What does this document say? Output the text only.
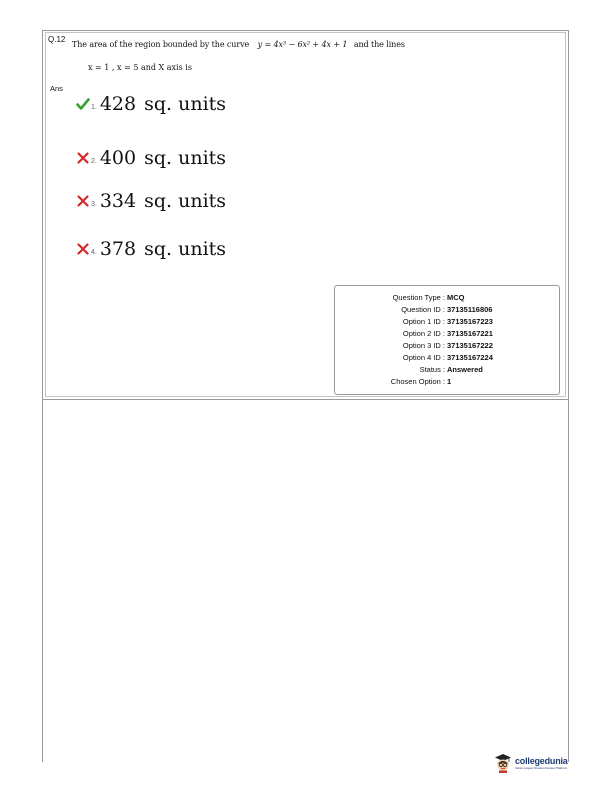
Q.12
The area of the region bounded by the curve y = 4x³ − 6x² + 4x + 1 and the lines
x = 1 , x = 5 and X axis is
Ans
1. 428 sq. units
2. 400 sq. units
3. 334 sq. units
4. 378 sq. units
Question Type : MCQ
Question ID : 37135116806
Option 1 ID : 37135167223
Option 2 ID : 37135167221
Option 3 ID : 37135167222
Option 4 ID : 37135167224
Status : Answered
Chosen Option : 1
collegedunia
India's largest Student Review Platform
